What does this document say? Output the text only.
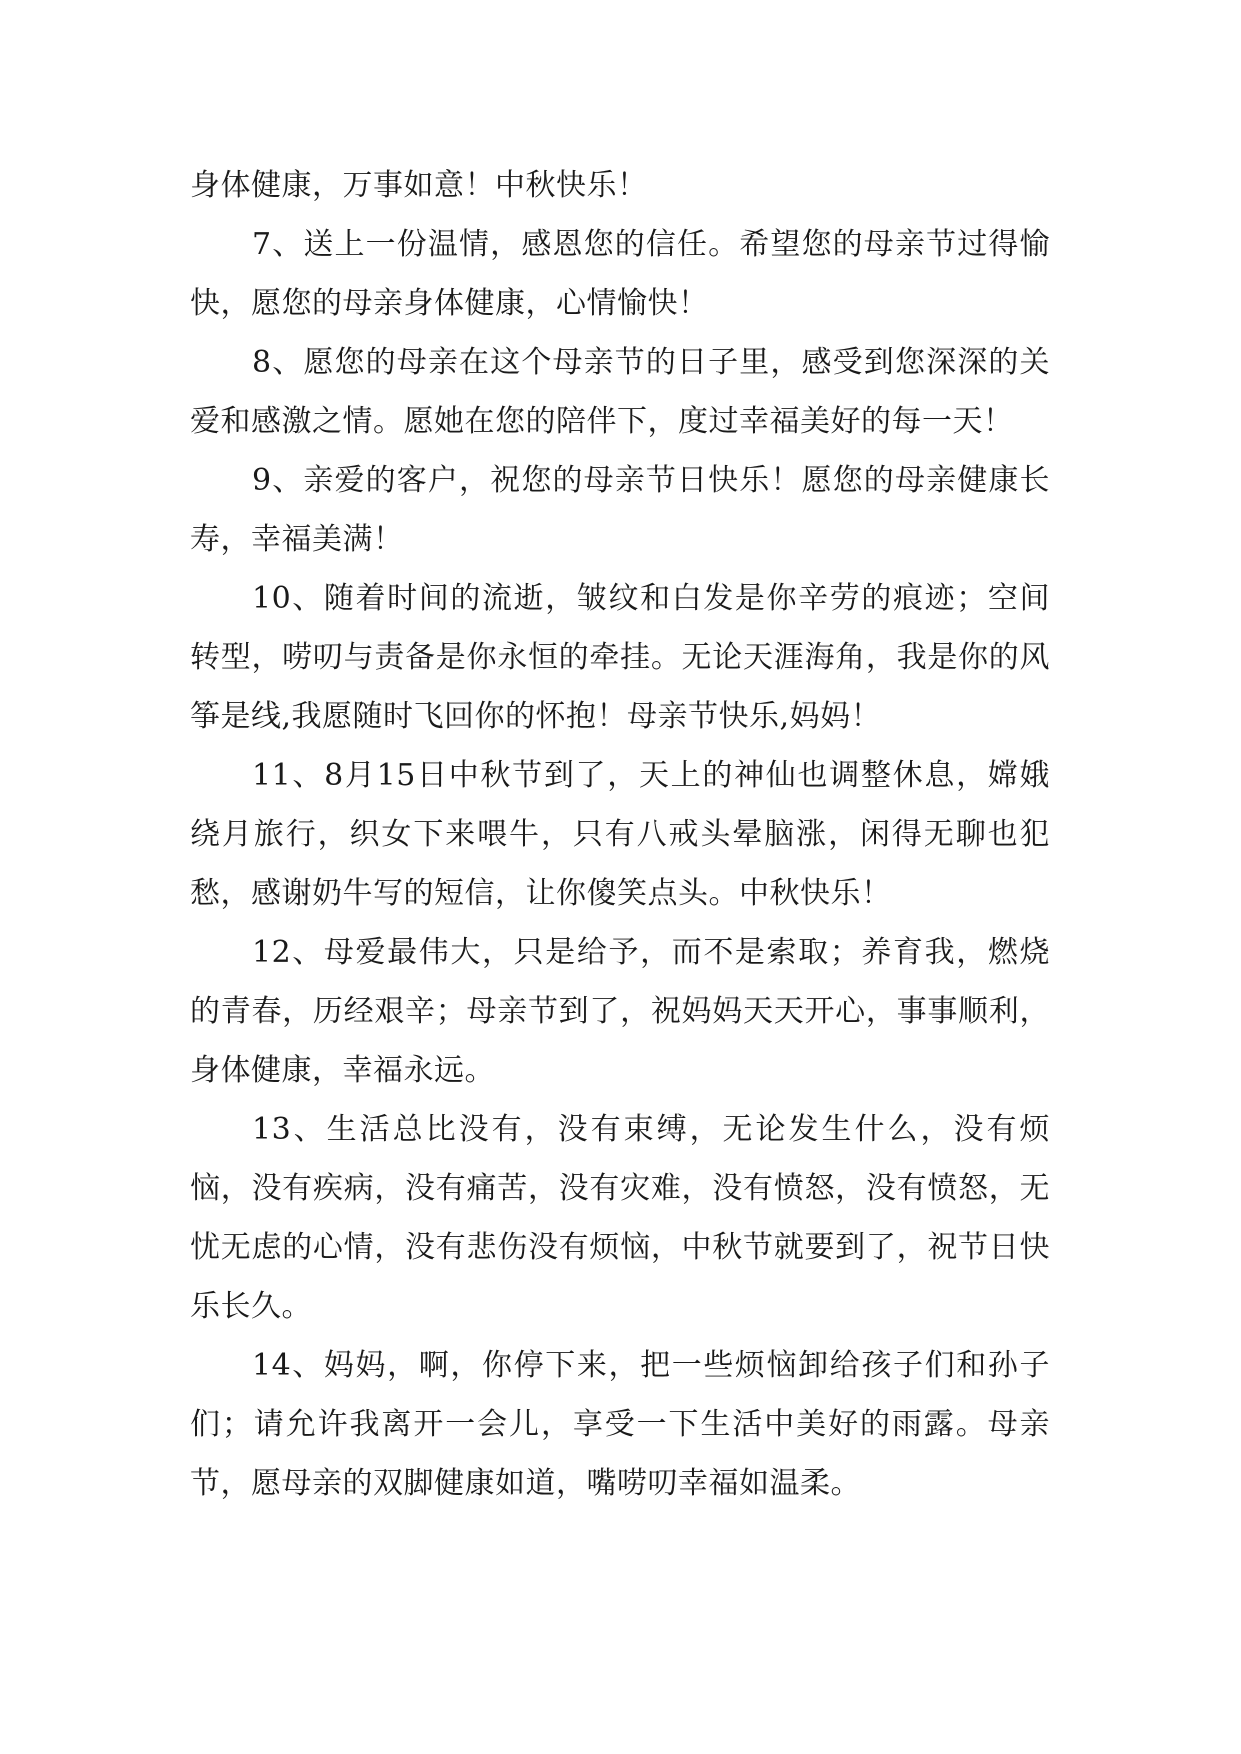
身体健康，万事如意！中秋快乐！

7、送上一份温情，感恩您的信任。希望您的母亲节过得愉快，愿您的母亲身体健康，心情愉快！

8、愿您的母亲在这个母亲节的日子里，感受到您深深的关爱和感激之情。愿她在您的陪伴下，度过幸福美好的每一天！

9、亲爱的客户，祝您的母亲节日快乐！愿您的母亲健康长寿，幸福美满！

10、随着时间的流逝，皱纹和白发是你辛劳的痕迹；空间转型，唠叨与责备是你永恒的牵挂。无论天涯海角，我是你的风筝是线,我愿随时飞回你的怀抱！母亲节快乐,妈妈！

11、8月15日中秋节到了，天上的神仙也调整休息，嫦娥绕月旅行，织女下来喂牛，只有八戒头晕脑涨，闲得无聊也犯愁，感谢奶牛写的短信，让你傻笑点头。中秋快乐！

12、母爱最伟大，只是给予，而不是索取；养育我，燃烧的青春，历经艰辛；母亲节到了，祝妈妈天天开心，事事顺利，身体健康，幸福永远。

13、生活总比没有，没有束缚，无论发生什么，没有烦恼，没有疾病，没有痛苦，没有灾难，没有愤怒，没有愤怒，无忧无虑的心情，没有悲伤没有烦恼，中秋节就要到了，祝节日快乐长久。

14、妈妈，啊，你停下来，把一些烦恼卸给孩子们和孙子们；请允许我离开一会儿，享受一下生活中美好的雨露。母亲节，愿母亲的双脚健康如道，嘴唠叨幸福如温柔。
